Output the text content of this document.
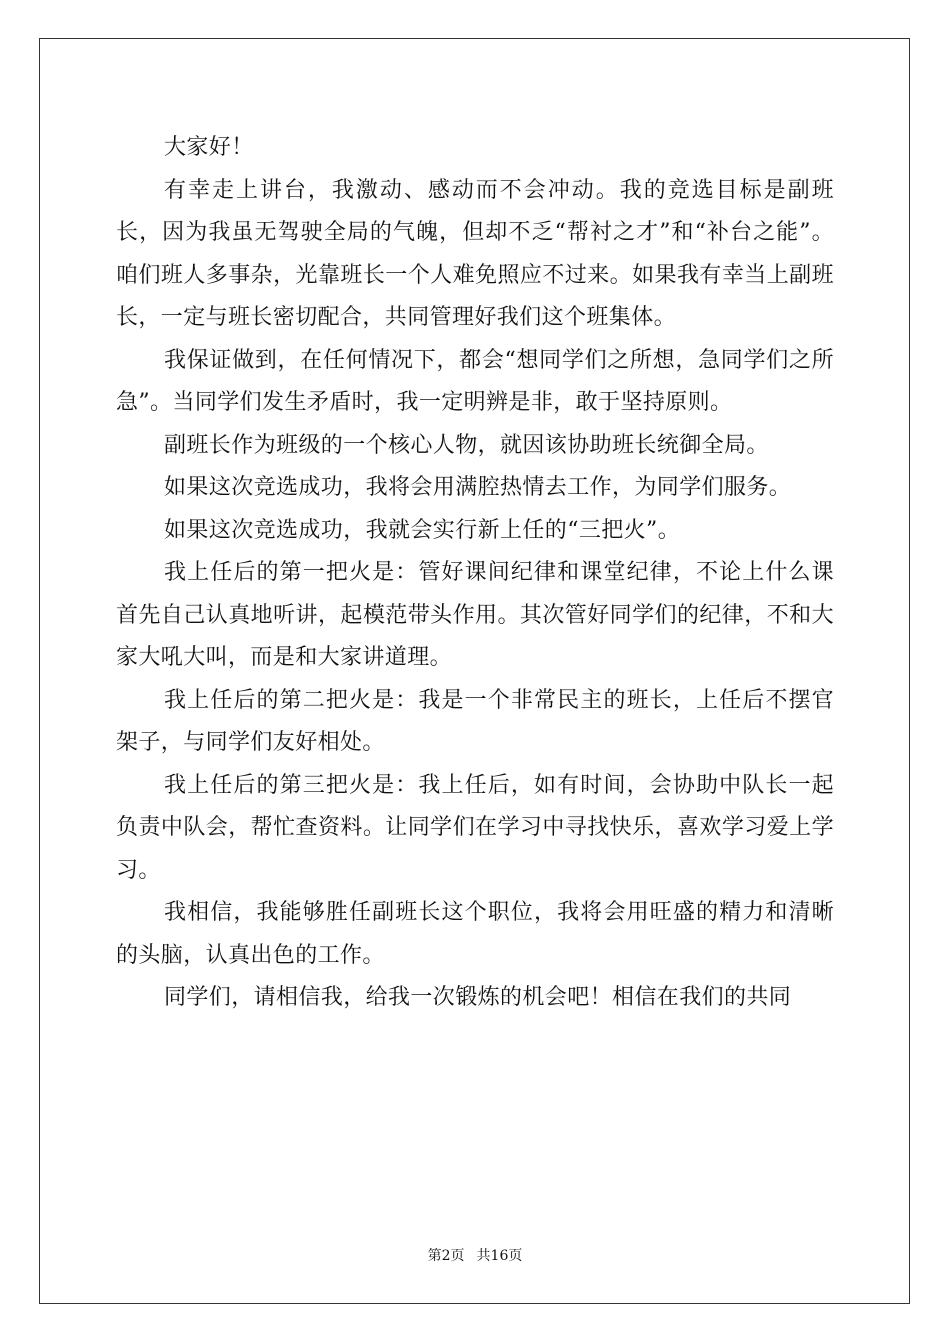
大家好！

有幸走上讲台，我激动、感动而不会冲动。我的竞选目标是副班长，因为我虽无驾驶全局的气魄，但却不乏“帮衬之才”和“补台之能”。咱们班人多事杂，光靠班长一个人难免照应不过来。如果我有幸当上副班长，一定与班长密切配合，共同管理好我们这个班集体。

我保证做到，在任何情况下，都会“想同学们之所想，急同学们之所急”。当同学们发生矛盾时，我一定明辨是非，敢于坚持原则。

副班长作为班级的一个核心人物，就因该协助班长统御全局。

如果这次竞选成功，我将会用满腔热情去工作，为同学们服务。

如果这次竞选成功，我就会实行新上任的“三把火”。

我上任后的第一把火是：管好课间纪律和课堂纪律，不论上什么课首先自己认真地听讲，起模范带头作用。其次管好同学们的纪律，不和大家大吼大叫，而是和大家讲道理。

我上任后的第二把火是：我是一个非常民主的班长，上任后不摆官架子，与同学们友好相处。

我上任后的第三把火是：我上任后，如有时间，会协助中队长一起负责中队会，帮忙查资料。让同学们在学习中寻找快乐，喜欢学习爱上学习。

我相信，我能够胜任副班长这个职位，我将会用旺盛的精力和清晰的头脑，认真出色的工作。

同学们，请相信我，给我一次锻炼的机会吧！相信在我们的共同

第2页 共16页
